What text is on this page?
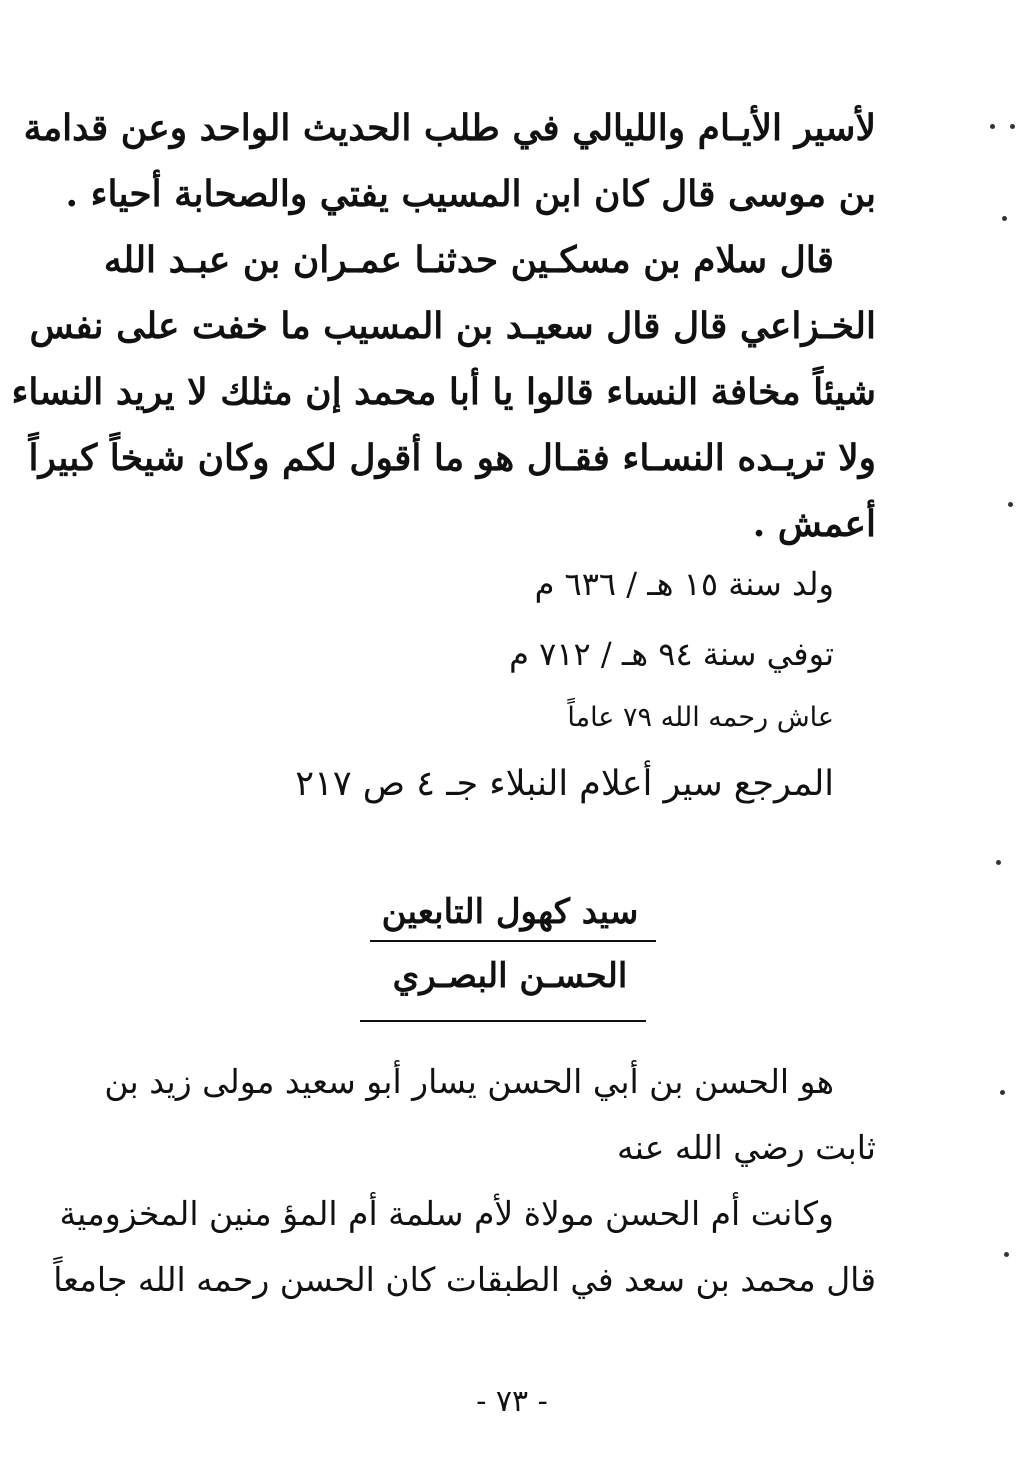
لأسير الأيـام والليالي في طلب الحديث الواحد وعن قدامة
بن موسى قال كان ابن المسيب يفتي والصحابة أحياء .
قال سلام بن مسكـين حدثنـا عمـران بن عبـد الله
الخـزاعي قال قال سعيـد بن المسيب ما خفت على نفس
شيئاً مخافة النساء قالوا يا أبا محمد إن مثلك لا يريد النساء
ولا تريـده النسـاء فقـال هو ما أقول لكم وكان شيخاً كبيراً
أعمش .
ولد سنة ١٥ هـ / ٦٣٦ م
توفي سنة ٩٤ هـ / ٧١٢ م
عاش رحمه الله ٧٩ عاماً
المرجع سير أعلام النبلاء جـ ٤ ص ٢١٧
سيد كهول التابعين
الحسـن البصـري
هو الحسن بن أبي الحسن يسار أبو سعيد مولى زيد بن
ثابت رضي الله عنه
وكانت أم الحسن مولاة لأم سلمة أم المؤ منين المخزومية
قال محمد بن سعد في الطبقات كان الحسن رحمه الله جامعاً
- ٧٣ -
